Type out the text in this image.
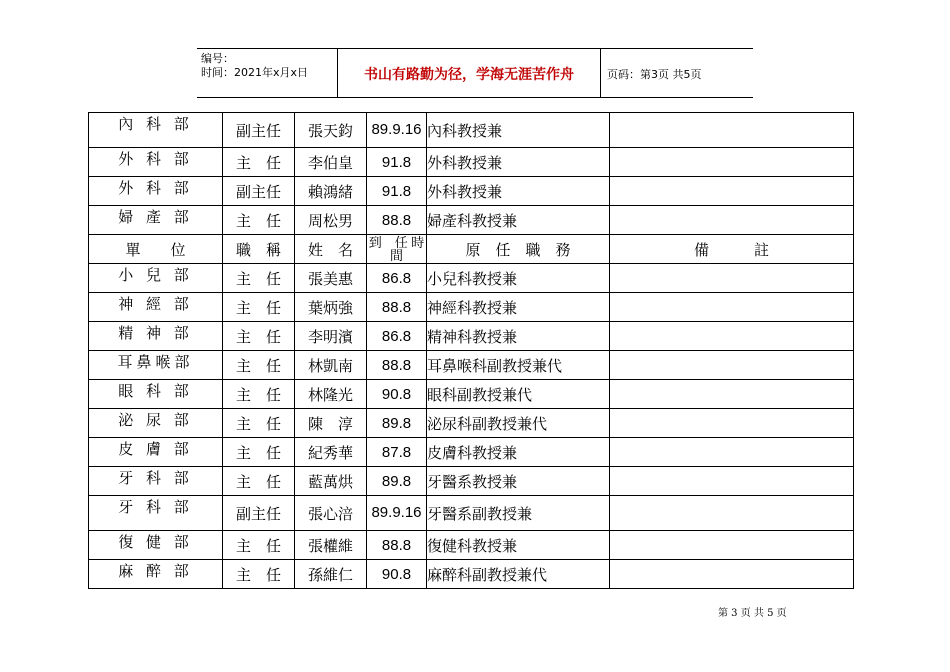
编号：
时间：2021年x月x日	书山有路勤为径，学海无涯苦作舟	页码：第3页 共5页
內 科 部	副主任	張天鈞	89.9.16	內科教授兼	
外 科 部	主　任	李伯皇	91.8	外科教授兼	
外 科 部	副主任	賴鴻緒	91.8	外科教授兼	
婦 產 部	主　任	周松男	88.8	婦產科教授兼	
單　　位	職　稱	姓　名	到　任 時　間	原　任　職　務	備　　　註
小 兒 部	主　任	張美惠	86.8	小兒科教授兼	
神 經 部	主　任	葉炳強	88.8	神經科教授兼	
精 神 部	主　任	李明濱	86.8	精神科教授兼	
耳鼻喉部	主　任	林凱南	88.8	耳鼻喉科副教授兼代	
眼 科 部	主　任	林隆光	90.8	眼科副教授兼代	
泌 尿 部	主　任	陳　淳	89.8	泌尿科副教授兼代	
皮 膚 部	主　任	紀秀華	87.8	皮膚科教授兼	
牙 科 部	主　任	藍萬烘	89.8	牙醫系教授兼	
牙 科 部	副主任	張心涪	89.9.16	牙醫系副教授兼	
復 健 部	主　任	張權維	88.8	復健科教授兼	
麻 醉 部	主　任	孫維仁	90.8	麻醉科副教授兼代	
第 3 页 共 5 页
